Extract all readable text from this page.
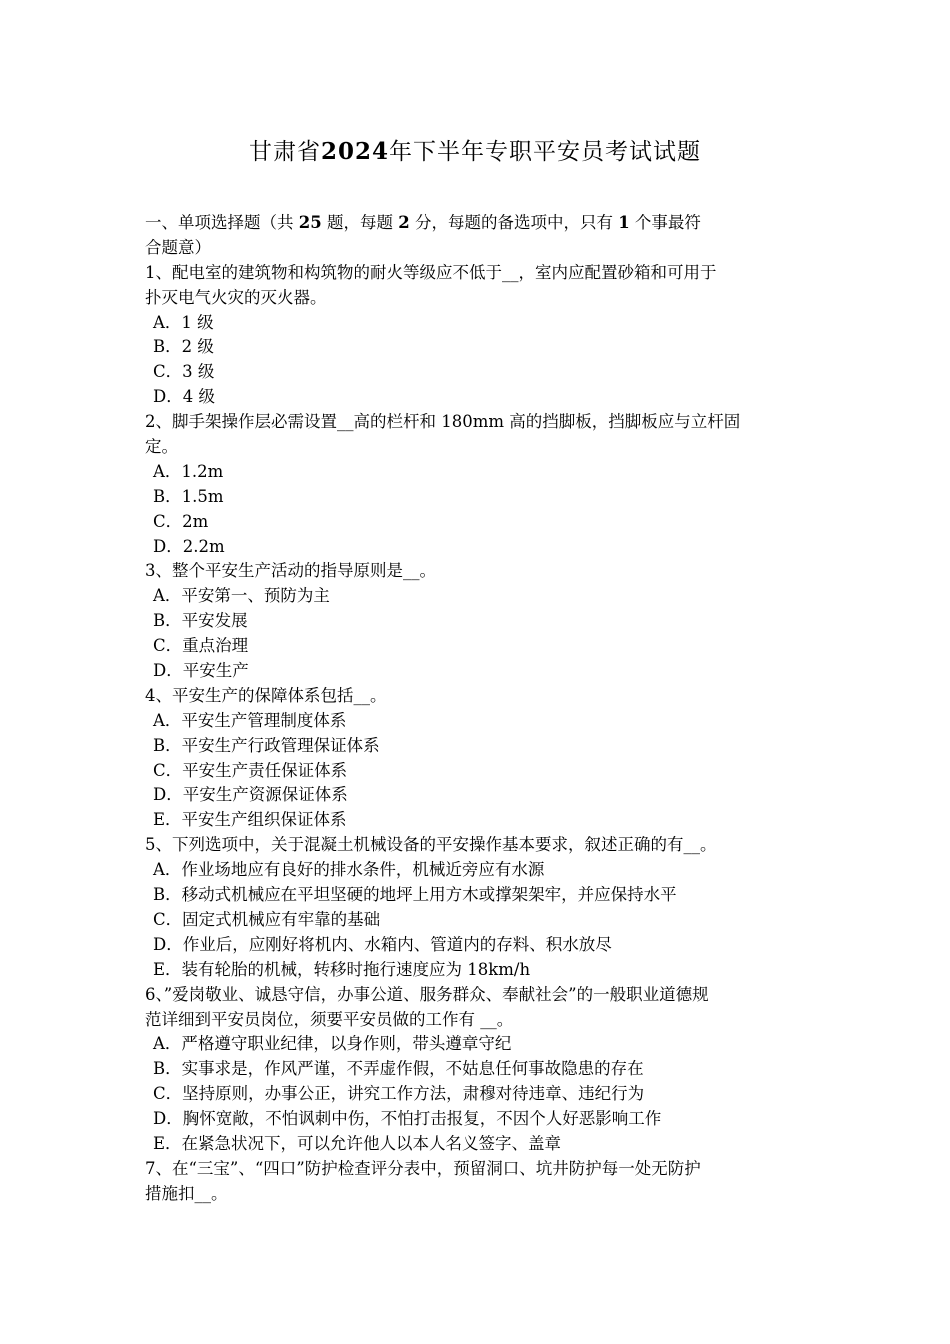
甘肃省2024年下半年专职平安员考试试题
一、单项选择题（共 25 题，每题 2 分，每题的备选项中，只有 1 个事最符
合题意）
1、配电室的建筑物和构筑物的耐火等级应不低于__，室内应配置砂箱和可用于
扑灭电气火灾的灭火器。
A．1 级
B．2 级
C．3 级
D．4 级
2、脚手架操作层必需设置__高的栏杆和 180mm 高的挡脚板，挡脚板应与立杆固
定。
A．1.2m
B．1.5m
C．2m
D．2.2m
3、整个平安生产活动的指导原则是__。
A．平安第一、预防为主
B．平安发展
C．重点治理
D．平安生产
4、平安生产的保障体系包括__。
A．平安生产管理制度体系
B．平安生产行政管理保证体系
C．平安生产责任保证体系
D．平安生产资源保证体系
E．平安生产组织保证体系
5、下列选项中，关于混凝土机械设备的平安操作基本要求，叙述正确的有__。
A．作业场地应有良好的排水条件，机械近旁应有水源
B．移动式机械应在平坦坚硬的地坪上用方木或撑架架牢，并应保持水平
C．固定式机械应有牢靠的基础
D．作业后，应刚好将机内、水箱内、管道内的存料、积水放尽
E．装有轮胎的机械，转移时拖行速度应为 18km/h
6、”爱岗敬业、诚恳守信，办事公道、服务群众、奉献社会”的一般职业道德规
范详细到平安员岗位，须要平安员做的工作有 __。
A．严格遵守职业纪律，以身作则，带头遵章守纪
B．实事求是，作风严谨，不弄虚作假，不姑息任何事故隐患的存在
C．坚持原则，办事公正，讲究工作方法，肃穆对待违章、违纪行为
D．胸怀宽敞，不怕讽刺中伤，不怕打击报复，不因个人好恶影响工作
E．在紧急状况下，可以允许他人以本人名义签字、盖章
7、在“三宝”、“四口”防护检查评分表中，预留洞口、坑井防护每一处无防护
措施扣__。
